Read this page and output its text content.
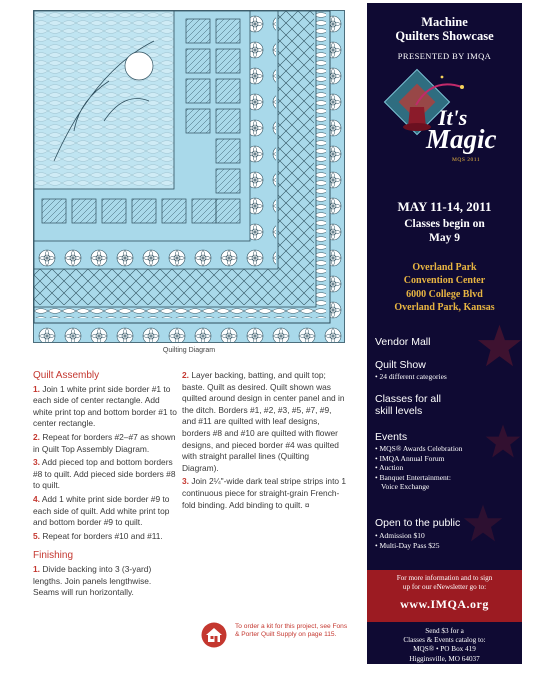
Quilting Diagram
Quilt Assembly

1. Join 1 white print side border #1 to each side of center rectangle. Add white print top and bottom border #1 to center rectangle.

2. Repeat for borders #2–#7 as shown in Quilt Top Assembly Diagram.

3. Add pieced top and bottom borders #8 to quilt. Add pieced side borders #8 to quilt.

4. Add 1 white print side border #9 to each side of quilt. Add white print top and bottom border #9 to quilt.

5. Repeat for borders #10 and #11.

Finishing

1. Divide backing into 3 (3-yard) lengths. Join panels lengthwise. Seams will run horizontally.

2. Layer backing, batting, and quilt top; baste. Quilt as desired. Quilt shown was quilted around design in center panel and in the ditch. Borders #1, #2, #3, #5, #7, #9, and #11 are quilted with leaf designs, borders #8 and #10 are quilted with flower designs, and pieced border #4 was quilted with straight parallel lines (Quilting Diagram).

3. Join 2¼"-wide dark teal stripe strips into 1 continuous piece for straight-grain French-fold binding. Add binding to quilt. ¤

To order a kit for this project, see Fons & Porter Quilt Supply on page 115.
Machine
Quilters Showcase
PRESENTED BY IMQA
It's
Magic
MQS 2011
MAY 11-14, 2011
Classes begin on
May 9
Overland Park
Convention Center
6000 College Blvd
Overland Park, Kansas
Vendor Mall
Quilt Show
• 24 different categories
Classes for all
skill levels
Events
• MQS® Awards Celebration
• IMQA Annual Forum
• Auction
• Banquet Entertainment:
Voice Exchange
Open to the public
• Admission $10
• Multi-Day Pass $25
For more information and to sign
up for our eNewsletter go to:
www.IMQA.org
Send $3 for a
Classes & Events catalog to:
MQS® • PO Box 419
Higginsville, MO 64037
www.IMQA.org • 800.980.9505
